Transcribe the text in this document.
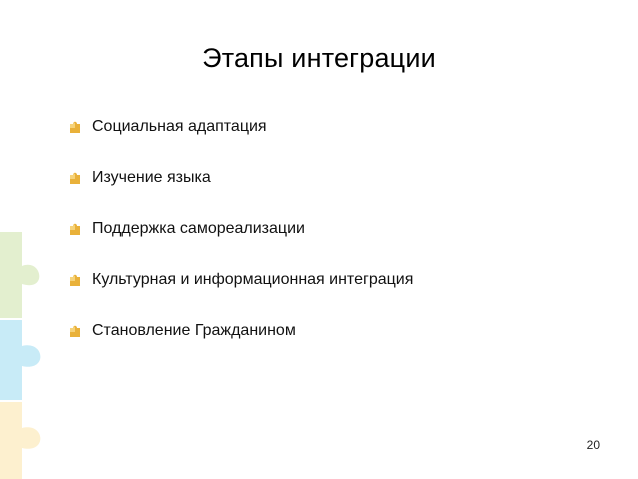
Этапы интеграции
Социальная адаптация
Изучение языка
Поддержка самореализации
Культурная и информационная интеграция
Становление Гражданином
20
